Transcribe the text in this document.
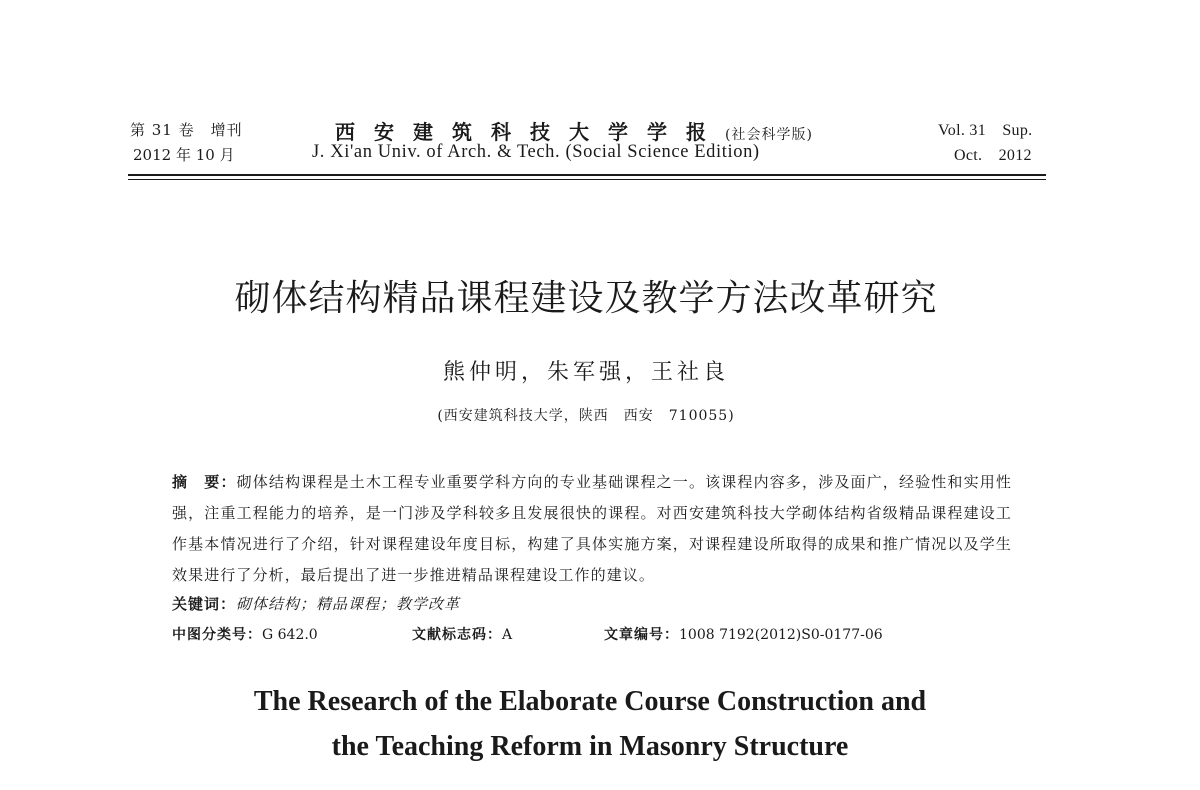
第 31 卷　增刊
2012 年 10 月
西安建筑科技大学学报(社会科学版)
J. Xi'an Univ. of Arch. & Tech. (Social Science Edition)
Vol. 31　Sup.
Oct.　2012
砌体结构精品课程建设及教学方法改革研究
熊仲明，朱军强，王社良
(西安建筑科技大学，陕西　西安　710055)
摘　要：砌体结构课程是土木工程专业重要学科方向的专业基础课程之一。该课程内容多，涉及面广，经验性和实用性强，注重工程能力的培养，是一门涉及学科较多且发展很快的课程。对西安建筑科技大学砌体结构省级精品课程建设工作基本情况进行了介绍，针对课程建设年度目标，构建了具体实施方案，对课程建设所取得的成果和推广情况以及学生效果进行了分析，最后提出了进一步推进精品课程建设工作的建议。
关键词：砌体结构；精品课程；教学改革
中图分类号：G 642.0	文献标志码：A	文章编号：1008 7192(2012)S0-0177-06
The Research of the Elaborate Course Construction and
the Teaching Reform in Masonry Structure
